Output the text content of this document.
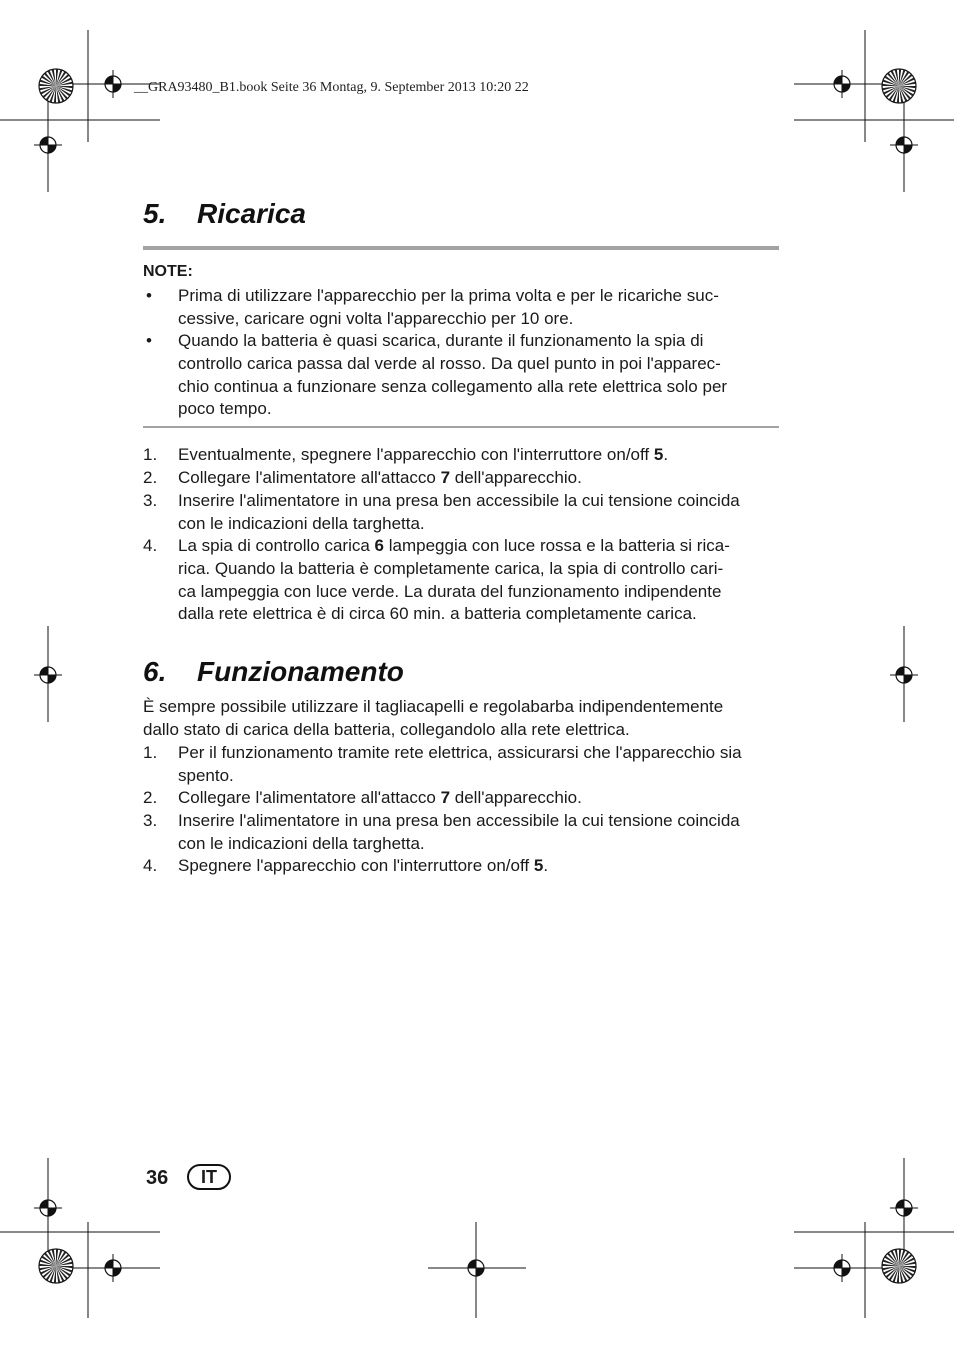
__GRA93480_B1.book Seite 36 Montag, 9. September 2013 10:20 22
5. Ricarica
NOTE:
•	Prima di utilizzare l'apparecchio per la prima volta e per le ricariche suc-
cessive, caricare ogni volta l'apparecchio per 10 ore.
•	Quando la batteria è quasi scarica, durante il funzionamento la spia di
controllo carica passa dal verde al rosso. Da quel punto in poi l'apparec-
chio continua a funzionare senza collegamento alla rete elettrica solo per
poco tempo.
1.	Eventualmente, spegnere l'apparecchio con l'interruttore on/off 5.
2.	Collegare l'alimentatore all'attacco 7 dell'apparecchio.
3.	Inserire l'alimentatore in una presa ben accessibile la cui tensione coincida
con le indicazioni della targhetta.
4.	La spia di controllo carica 6 lampeggia con luce rossa e la batteria si rica-
rica. Quando la batteria è completamente carica, la spia di controllo cari-
ca lampeggia con luce verde. La durata del funzionamento indipendente
dalla rete elettrica è di circa 60 min. a batteria completamente carica.
6. Funzionamento
È sempre possibile utilizzare il tagliacapelli e regolabarba indipendentemente
dallo stato di carica della batteria, collegandolo alla rete elettrica.
1.	Per il funzionamento tramite rete elettrica, assicurarsi che l'apparecchio sia
spento.
2.	Collegare l'alimentatore all'attacco 7 dell'apparecchio.
3.	Inserire l'alimentatore in una presa ben accessibile la cui tensione coincida
con le indicazioni della targhetta.
4.	Spegnere l'apparecchio con l'interruttore on/off 5.
36	IT
